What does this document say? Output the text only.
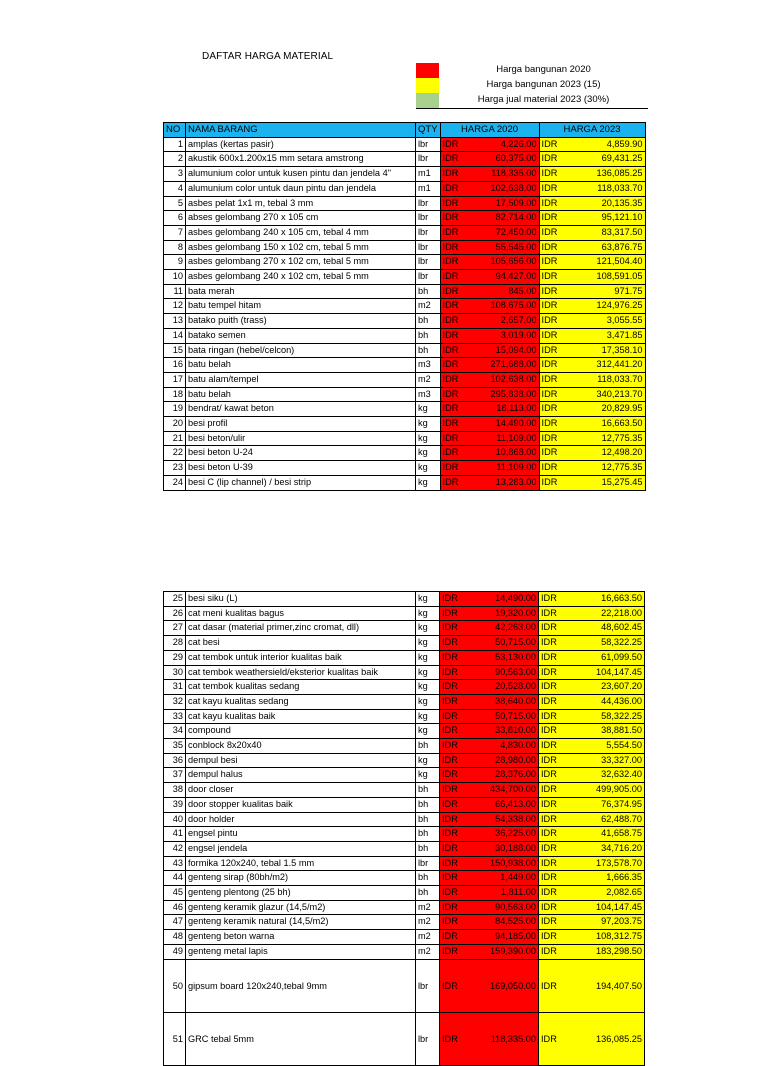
DAFTAR HARGA MATERIAL
Harga bangunan 2020
Harga bangunan 2023 (15)
Harga jual material 2023 (30%)
NO	NAMA BARANG	QTY	HARGA 2020		HARGA 2023	
1	amplas (kertas pasir)	lbr	IDR	4,226.00	IDR	4,859.90
2	akustik 600x1.200x15 mm setara amstrong	lbr	IDR	60,375.00	IDR	69,431.25
3	alumunium color untuk kusen pintu dan jendela 4"	m1	IDR	118,335.00	IDR	136,085.25
4	alumunium color untuk daun pintu dan jendela	m1	IDR	102,638.00	IDR	118,033.70
5	asbes pelat 1x1 m, tebal 3 mm	lbr	IDR	17,509.00	IDR	20,135.35
6	abses gelombang 270 x 105 cm	lbr	IDR	82,714.00	IDR	95,121.10
7	asbes gelombang 240 x 105 cm, tebal 4 mm	lbr	IDR	72,450.00	IDR	83,317.50
8	asbes gelombang 150 x 102 cm, tebal 5 mm	lbr	IDR	55,545.00	IDR	63,876.75
9	asbes gelombang 270 x 102 cm, tebal 5 mm	lbr	IDR	105,656.00	IDR	121,504.40
10	asbes gelombang 240 x 102 cm, tebal 5 mm	lbr	IDR	94,427.00	IDR	108,591.05
11	bata merah	bh	IDR	845.00	IDR	971.75
12	batu tempel hitam	m2	IDR	108,675.00	IDR	124,976.25
13	batako puith (trass)	bh	IDR	2,657.00	IDR	3,055.55
14	batako semen	bh	IDR	3,019.00	IDR	3,471.85
15	bata ringan (hebel/celcon)	bh	IDR	15,094.00	IDR	17,358.10
16	batu belah	m3	IDR	271,688.00	IDR	312,441.20
17	batu alam/tempel	m2	IDR	102,638.00	IDR	118,033.70
18	batu belah	m3	IDR	295,838.00	IDR	340,213.70
19	bendrat/ kawat beton	kg	IDR	18,113.00	IDR	20,829.95
20	besi profil	kg	IDR	14,490.00	IDR	16,663.50
21	besi beton/ulir	kg	IDR	11,109.00	IDR	12,775.35
22	besi beton U-24	kg	IDR	10,868.00	IDR	12,498.20
23	besi beton U-39	kg	IDR	11,109.00	IDR	12,775.35
24	besi C (lip channel) / besi strip	kg	IDR	13,283.00	IDR	15,275.45
25	besi siku (L)	kg	IDR	14,490.00	IDR	16,663.50
26	cat meni kualitas bagus	kg	IDR	19,320.00	IDR	22,218.00
27	cat dasar (material primer,zinc cromat, dll)	kg	IDR	42,263.00	IDR	48,602.45
28	cat besi	kg	IDR	50,715.00	IDR	58,322.25
29	cat tembok untuk interior kualitas baik	kg	IDR	53,130.00	IDR	61,099.50
30	cat tembok weathersield/eksterior kualitas baik	kg	IDR	90,563.00	IDR	104,147.45
31	cat tembok kualitas sedang	kg	IDR	20,528.00	IDR	23,607.20
32	cat kayu kualitas sedang	kg	IDR	38,640.00	IDR	44,436.00
33	cat kayu kualitas baik	kg	IDR	50,715.00	IDR	58,322.25
34	compound	kg	IDR	33,810.00	IDR	38,881.50
35	conblock 8x20x40	bh	IDR	4,830.00	IDR	5,554.50
36	dempul besi	kg	IDR	28,980.00	IDR	33,327.00
37	dempul halus	kg	IDR	28,376.00	IDR	32,632.40
38	door closer	bh	IDR	434,700.00	IDR	499,905.00
39	door stopper kualitas baik	bh	IDR	66,413.00	IDR	76,374.95
40	door holder	bh	IDR	54,338.00	IDR	62,488.70
41	engsel pintu	bh	IDR	36,225.00	IDR	41,658.75
42	engsel jendela	bh	IDR	30,188.00	IDR	34,716.20
43	formika 120x240, tebal 1.5 mm	lbr	IDR	150,938.00	IDR	173,578.70
44	genteng sirap (80bh/m2)	bh	IDR	1,449.00	IDR	1,666.35
45	genteng plentong (25 bh)	bh	IDR	1,811.00	IDR	2,082.65
46	genteng keramik glazur (14,5/m2)	m2	IDR	90,563.00	IDR	104,147.45
47	genteng keramik natural (14,5/m2)	m2	IDR	84,525.00	IDR	97,203.75
48	genteng beton warna	m2	IDR	94,185.00	IDR	108,312.75
49	genteng metal lapis	m2	IDR	159,390.00	IDR	183,298.50
50	gipsum board 120x240,tebal 9mm	lbr	IDR	169,050.00	IDR	194,407.50
51	GRC tebal 5mm	lbr	IDR	118,335.00	IDR	136,085.25
